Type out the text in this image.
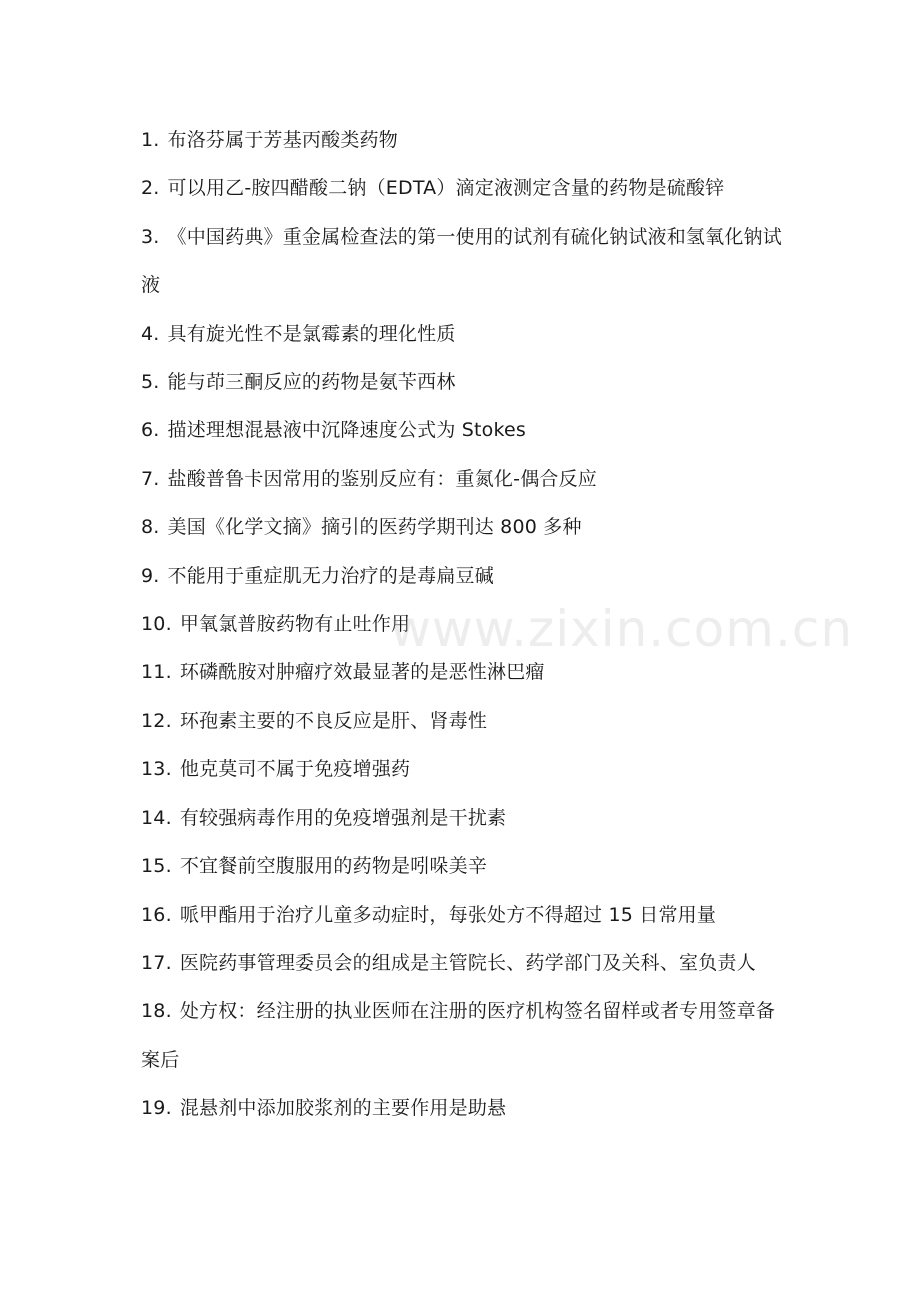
1. 布洛芬属于芳基丙酸类药物
2. 可以用乙-胺四醋酸二钠（EDTA）滴定液测定含量的药物是硫酸锌
3. 《中国药典》重金属检查法的第一使用的试剂有硫化钠试液和氢氧化钠试液
4. 具有旋光性不是氯霉素的理化性质
5. 能与茚三酮反应的药物是氨苄西林
6. 描述理想混悬液中沉降速度公式为 Stokes
7. 盐酸普鲁卡因常用的鉴别反应有：重氮化-偶合反应
8. 美国《化学文摘》摘引的医药学期刊达 800 多种
9. 不能用于重症肌无力治疗的是毒扁豆碱
10. 甲氧氯普胺药物有止吐作用
11. 环磷酰胺对肿瘤疗效最显著的是恶性淋巴瘤
12. 环孢素主要的不良反应是肝、肾毒性
13. 他克莫司不属于免疫增强药
14. 有较强病毒作用的免疫增强剂是干扰素
15. 不宜餐前空腹服用的药物是吲哚美辛
16. 哌甲酯用于治疗儿童多动症时，每张处方不得超过 15 日常用量
17. 医院药事管理委员会的组成是主管院长、药学部门及关科、室负责人
18. 处方权：经注册的执业医师在注册的医疗机构签名留样或者专用签章备案后
19. 混悬剂中添加胶浆剂的主要作用是助悬
www.zixin.com.cn
